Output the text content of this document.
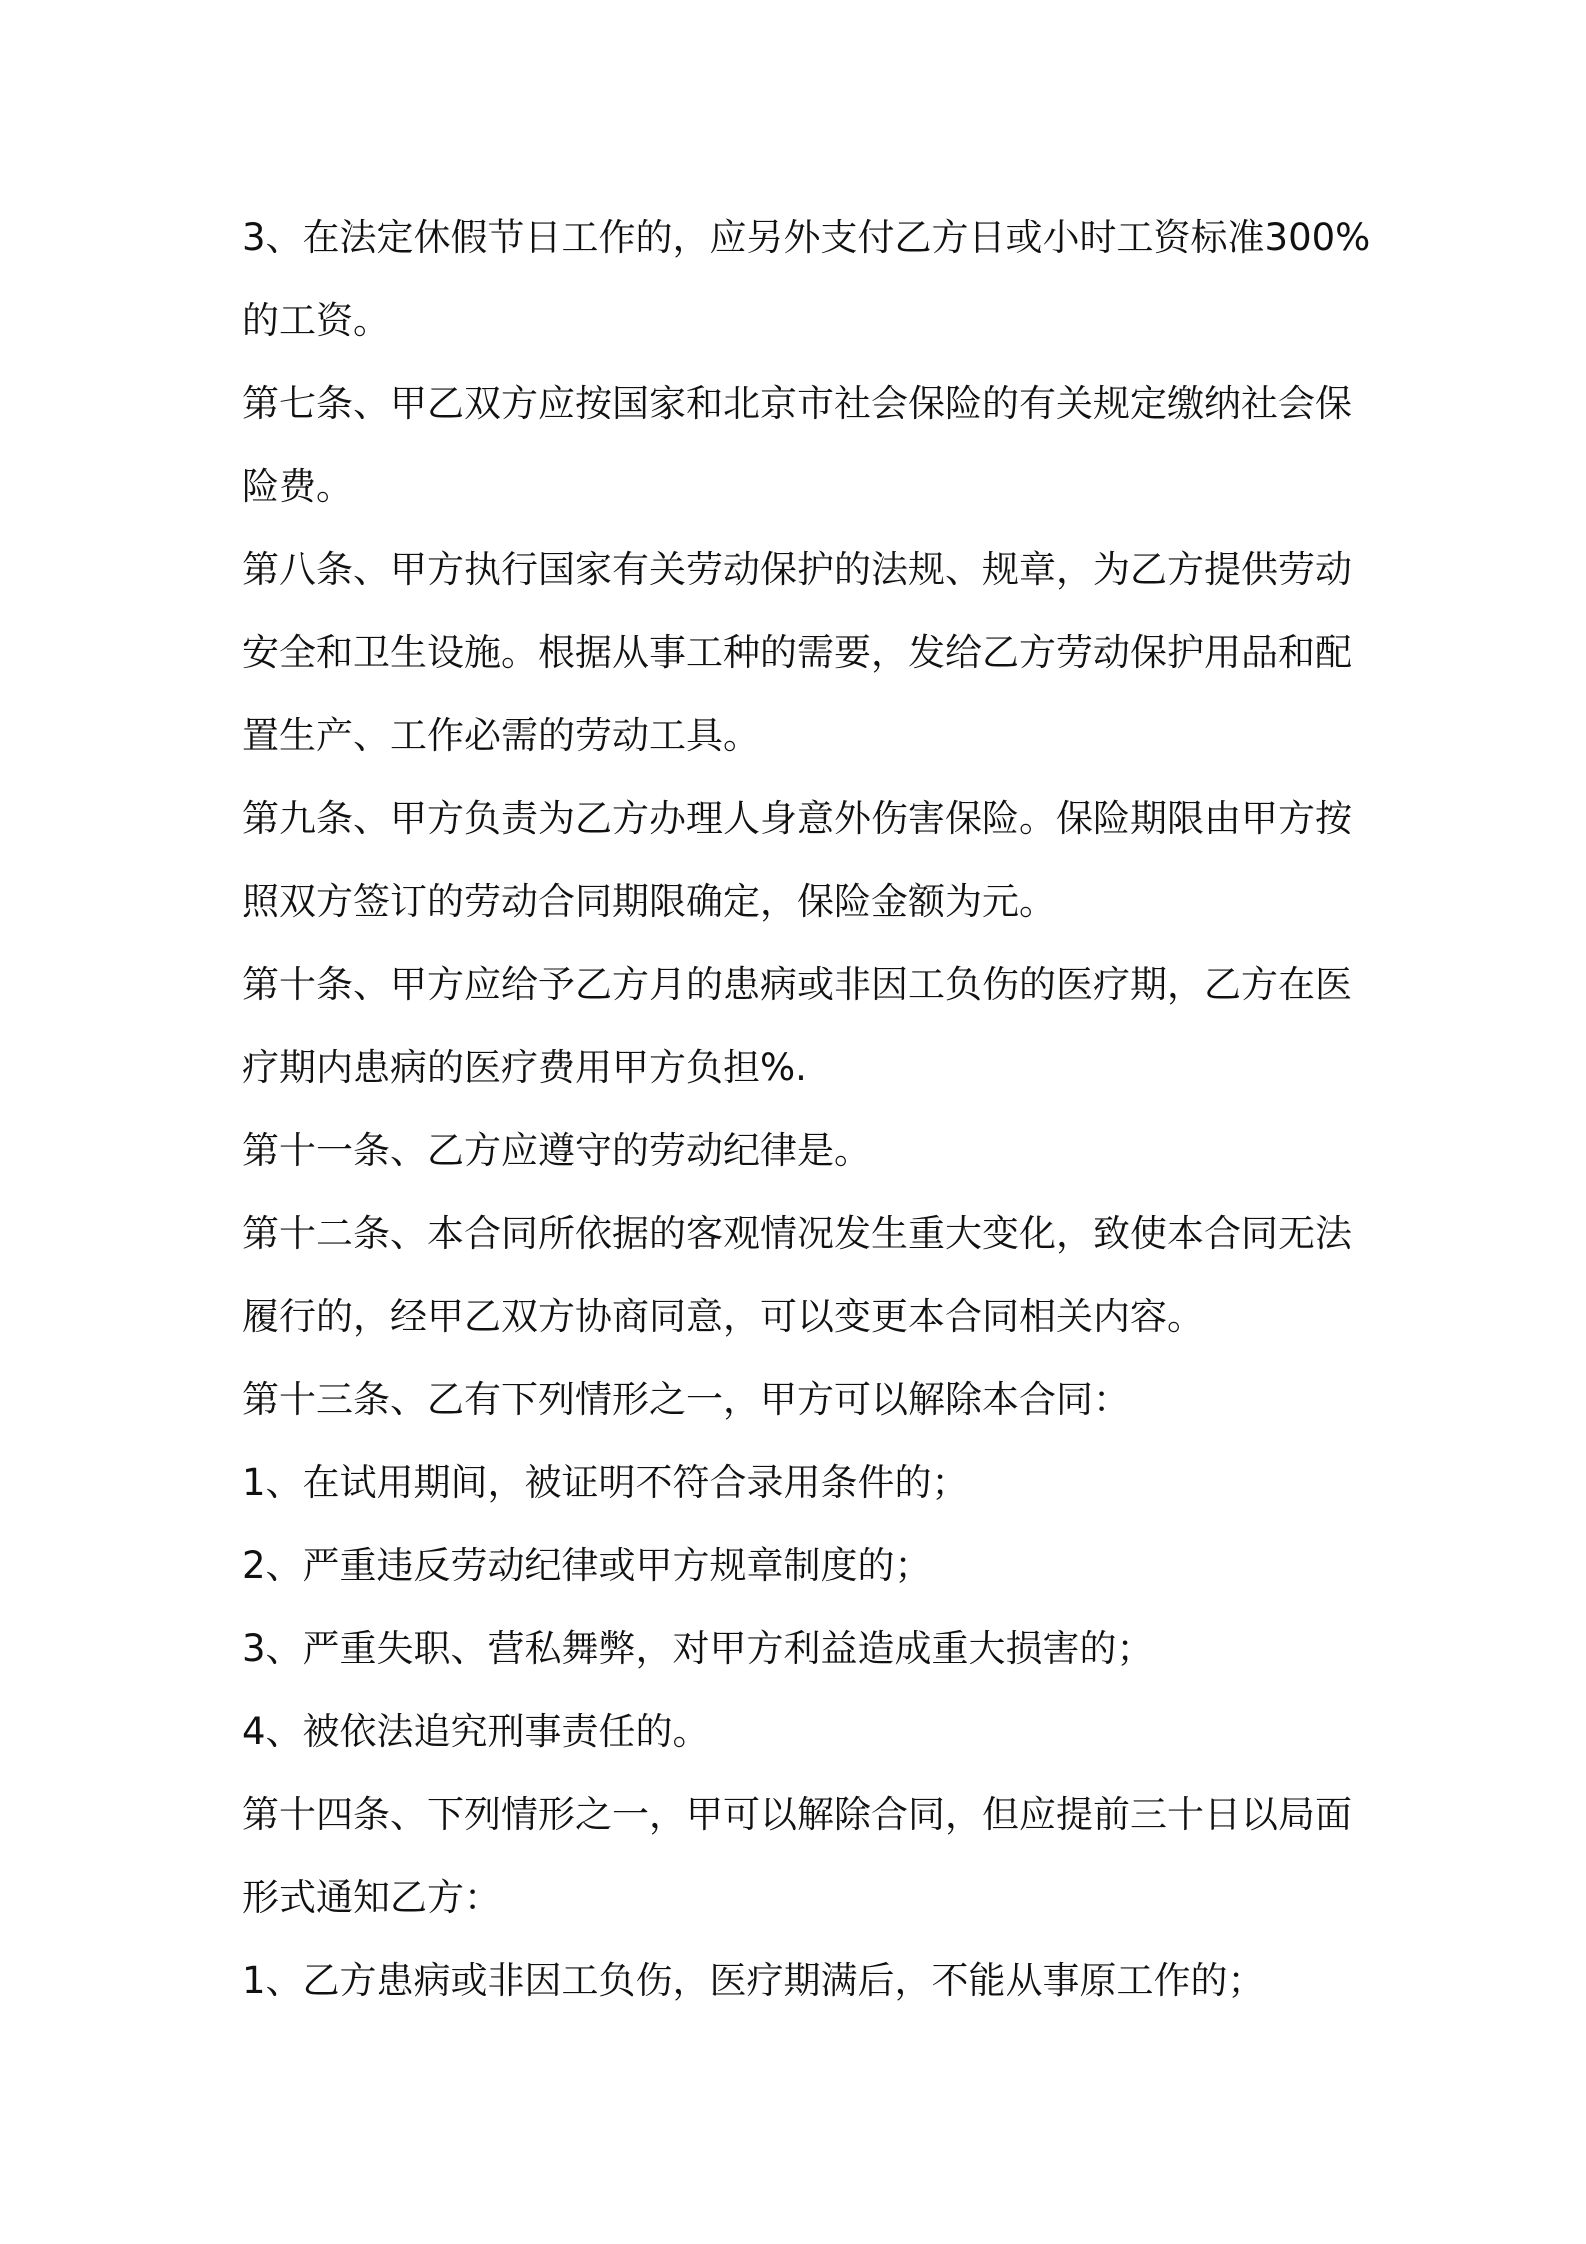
3、在法定休假节日工作的，应另外支付乙方日或小时工资标准300%
的工资。
第七条、甲乙双方应按国家和北京市社会保险的有关规定缴纳社会保
险费。
第八条、甲方执行国家有关劳动保护的法规、规章，为乙方提供劳动
安全和卫生设施。根据从事工种的需要，发给乙方劳动保护用品和配
置生产、工作必需的劳动工具。
第九条、甲方负责为乙方办理人身意外伤害保险。保险期限由甲方按
照双方签订的劳动合同期限确定，保险金额为元。
第十条、甲方应给予乙方月的患病或非因工负伤的医疗期，乙方在医
疗期内患病的医疗费用甲方负担%.
第十一条、乙方应遵守的劳动纪律是。
第十二条、本合同所依据的客观情况发生重大变化，致使本合同无法
履行的，经甲乙双方协商同意，可以变更本合同相关内容。
第十三条、乙有下列情形之一，甲方可以解除本合同：
1、在试用期间，被证明不符合录用条件的；
2、严重违反劳动纪律或甲方规章制度的；
3、严重失职、营私舞弊，对甲方利益造成重大损害的；
4、被依法追究刑事责任的。
第十四条、下列情形之一，甲可以解除合同，但应提前三十日以局面
形式通知乙方：
1、乙方患病或非因工负伤，医疗期满后，不能从事原工作的；
